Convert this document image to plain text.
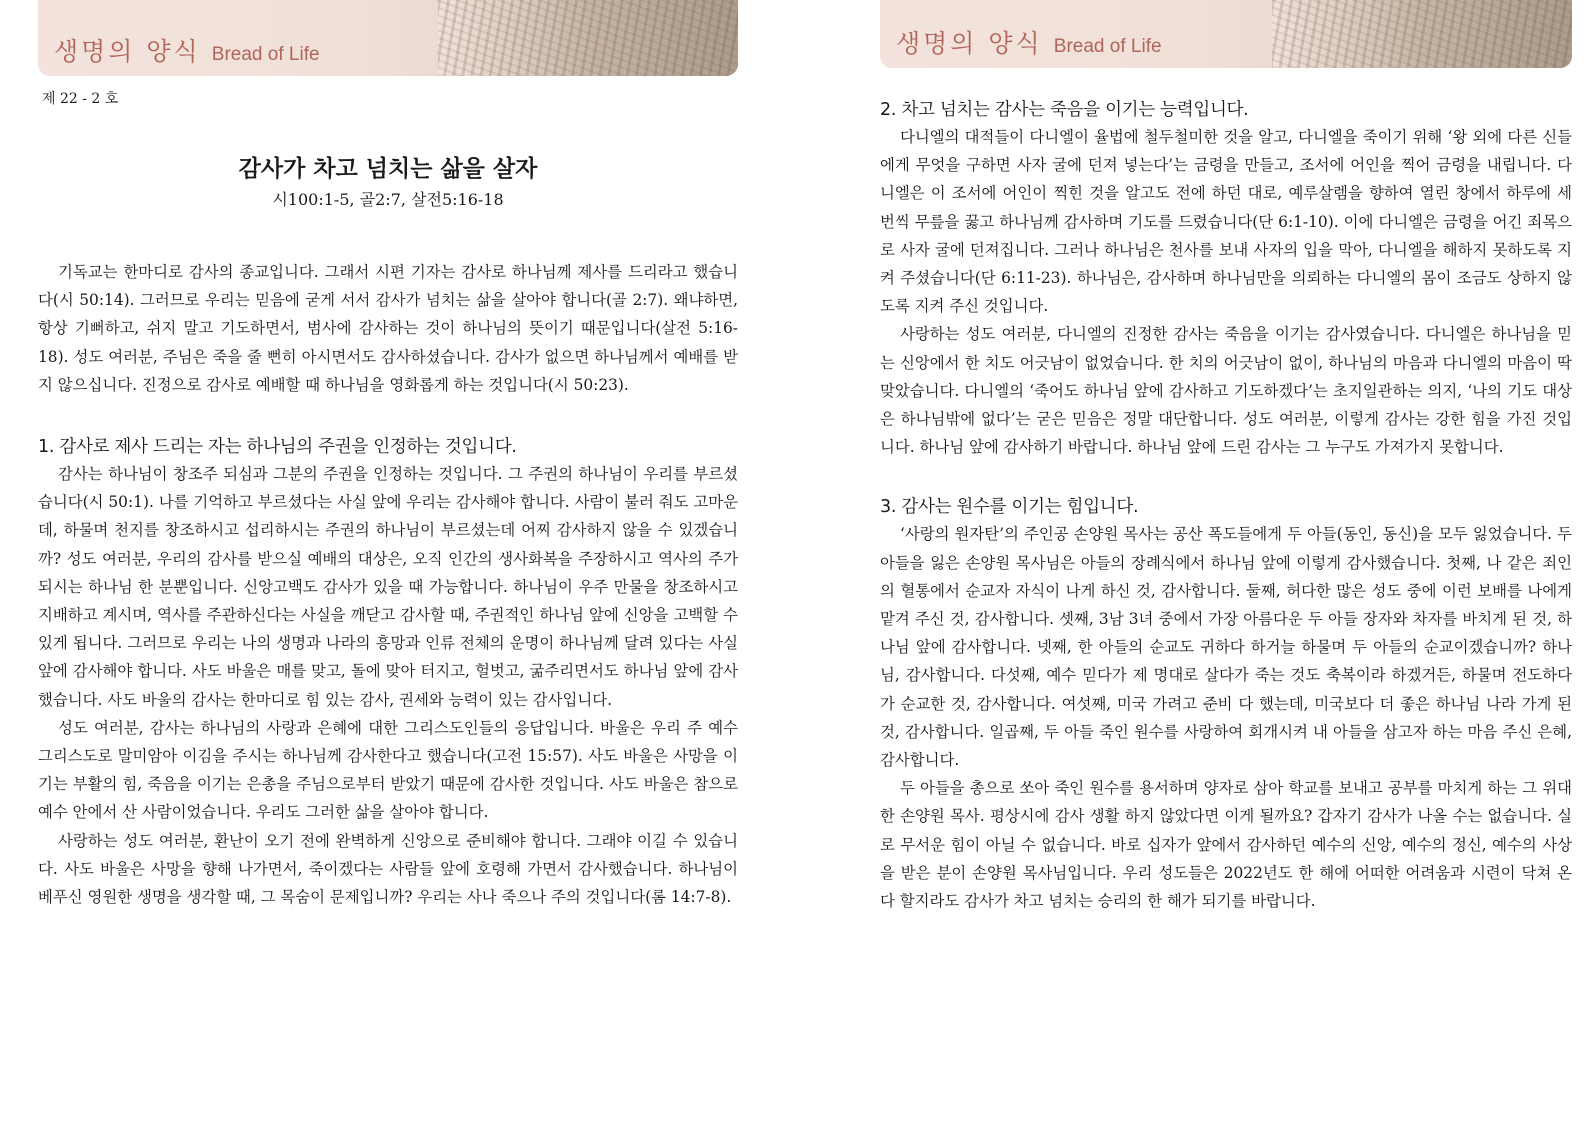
생명의 양식 Bread of Life
제 22 - 2 호
감사가 차고 넘치는 삶을 살자
시100:1-5, 골2:7, 살전5:16-18

기독교는 한마디로 감사의 종교입니다. 그래서 시편 기자는 감사로 하나님께 제사를 드리라고 했습니다(시 50:14). 그러므로 우리는 믿음에 굳게 서서 감사가 넘치는 삶을 살아야 합니다(골 2:7). 왜냐하면, 항상 기뻐하고, 쉬지 말고 기도하면서, 범사에 감사하는 것이 하나님의 뜻이기 때문입니다(살전 5:16-18). 성도 여러분, 주님은 죽을 줄 뻔히 아시면서도 감사하셨습니다. 감사가 없으면 하나님께서 예배를 받지 않으십니다. 진정으로 감사로 예배할 때 하나님을 영화롭게 하는 것입니다(시 50:23).

1. 감사로 제사 드리는 자는 하나님의 주권을 인정하는 것입니다.

감사는 하나님이 창조주 되심과 그분의 주권을 인정하는 것입니다. 그 주권의 하나님이 우리를 부르셨습니다(시 50:1). 나를 기억하고 부르셨다는 사실 앞에 우리는 감사해야 합니다. 사람이 불러 줘도 고마운데, 하물며 천지를 창조하시고 섭리하시는 주권의 하나님이 부르셨는데 어찌 감사하지 않을 수 있겠습니까? 성도 여러분, 우리의 감사를 받으실 예배의 대상은, 오직 인간의 생사화복을 주장하시고 역사의 주가 되시는 하나님 한 분뿐입니다. 신앙고백도 감사가 있을 때 가능합니다. 하나님이 우주 만물을 창조하시고 지배하고 계시며, 역사를 주관하신다는 사실을 깨닫고 감사할 때, 주권적인 하나님 앞에 신앙을 고백할 수 있게 됩니다. 그러므로 우리는 나의 생명과 나라의 흥망과 인류 전체의 운명이 하나님께 달려 있다는 사실 앞에 감사해야 합니다. 사도 바울은 매를 맞고, 돌에 맞아 터지고, 헐벗고, 굶주리면서도 하나님 앞에 감사했습니다. 사도 바울의 감사는 한마디로 힘 있는 감사, 권세와 능력이 있는 감사입니다.

성도 여러분, 감사는 하나님의 사랑과 은혜에 대한 그리스도인들의 응답입니다. 바울은 우리 주 예수 그리스도로 말미암아 이김을 주시는 하나님께 감사한다고 했습니다(고전 15:57). 사도 바울은 사망을 이기는 부활의 힘, 죽음을 이기는 은총을 주님으로부터 받았기 때문에 감사한 것입니다. 사도 바울은 참으로 예수 안에서 산 사람이었습니다. 우리도 그러한 삶을 살아야 합니다.

사랑하는 성도 여러분, 환난이 오기 전에 완벽하게 신앙으로 준비해야 합니다. 그래야 이길 수 있습니다. 사도 바울은 사망을 향해 나가면서, 죽이겠다는 사람들 앞에 호령해 가면서 감사했습니다. 하나님이 베푸신 영원한 생명을 생각할 때, 그 목숨이 문제입니까? 우리는 사나 죽으나 주의 것입니다(롬 14:7-8).

생명의 양식 Bread of Life
2. 차고 넘치는 감사는 죽음을 이기는 능력입니다.

다니엘의 대적들이 다니엘이 율법에 철두철미한 것을 알고, 다니엘을 죽이기 위해 ‘왕 외에 다른 신들에게 무엇을 구하면 사자 굴에 던져 넣는다’는 금령을 만들고, 조서에 어인을 찍어 금령을 내립니다. 다니엘은 이 조서에 어인이 찍힌 것을 알고도 전에 하던 대로, 예루살렘을 향하여 열린 창에서 하루에 세 번씩 무릎을 꿇고 하나님께 감사하며 기도를 드렸습니다(단 6:1-10). 이에 다니엘은 금령을 어긴 죄목으로 사자 굴에 던져집니다. 그러나 하나님은 천사를 보내 사자의 입을 막아, 다니엘을 해하지 못하도록 지켜 주셨습니다(단 6:11-23). 하나님은, 감사하며 하나님만을 의뢰하는 다니엘의 몸이 조금도 상하지 않도록 지켜 주신 것입니다.

사랑하는 성도 여러분, 다니엘의 진정한 감사는 죽음을 이기는 감사였습니다. 다니엘은 하나님을 믿는 신앙에서 한 치도 어긋남이 없었습니다. 한 치의 어긋남이 없이, 하나님의 마음과 다니엘의 마음이 딱 맞았습니다. 다니엘의 ‘죽어도 하나님 앞에 감사하고 기도하겠다’는 초지일관하는 의지, ‘나의 기도 대상은 하나님밖에 없다’는 굳은 믿음은 정말 대단합니다. 성도 여러분, 이렇게 감사는 강한 힘을 가진 것입니다. 하나님 앞에 감사하기 바랍니다. 하나님 앞에 드린 감사는 그 누구도 가져가지 못합니다.

3. 감사는 원수를 이기는 힘입니다.

‘사랑의 원자탄’의 주인공 손양원 목사는 공산 폭도들에게 두 아들(동인, 동신)을 모두 잃었습니다. 두 아들을 잃은 손양원 목사님은 아들의 장례식에서 하나님 앞에 이렇게 감사했습니다. 첫째, 나 같은 죄인의 혈통에서 순교자 자식이 나게 하신 것, 감사합니다. 둘째, 허다한 많은 성도 중에 이런 보배를 나에게 맡겨 주신 것, 감사합니다. 셋째, 3남 3녀 중에서 가장 아름다운 두 아들 장자와 차자를 바치게 된 것, 하나님 앞에 감사합니다. 넷째, 한 아들의 순교도 귀하다 하거늘 하물며 두 아들의 순교이겠습니까? 하나님, 감사합니다. 다섯째, 예수 믿다가 제 명대로 살다가 죽는 것도 축복이라 하겠거든, 하물며 전도하다가 순교한 것, 감사합니다. 여섯째, 미국 가려고 준비 다 했는데, 미국보다 더 좋은 하나님 나라 가게 된 것, 감사합니다. 일곱째, 두 아들 죽인 원수를 사랑하여 회개시켜 내 아들을 삼고자 하는 마음 주신 은혜, 감사합니다.

두 아들을 총으로 쏘아 죽인 원수를 용서하며 양자로 삼아 학교를 보내고 공부를 마치게 하는 그 위대한 손양원 목사. 평상시에 감사 생활 하지 않았다면 이게 될까요? 갑자기 감사가 나올 수는 없습니다. 실로 무서운 힘이 아닐 수 없습니다. 바로 십자가 앞에서 감사하던 예수의 신앙, 예수의 정신, 예수의 사상을 받은 분이 손양원 목사님입니다. 우리 성도들은 2022년도 한 해에 어떠한 어려움과 시련이 닥쳐 온다 할지라도 감사가 차고 넘치는 승리의 한 해가 되기를 바랍니다.
